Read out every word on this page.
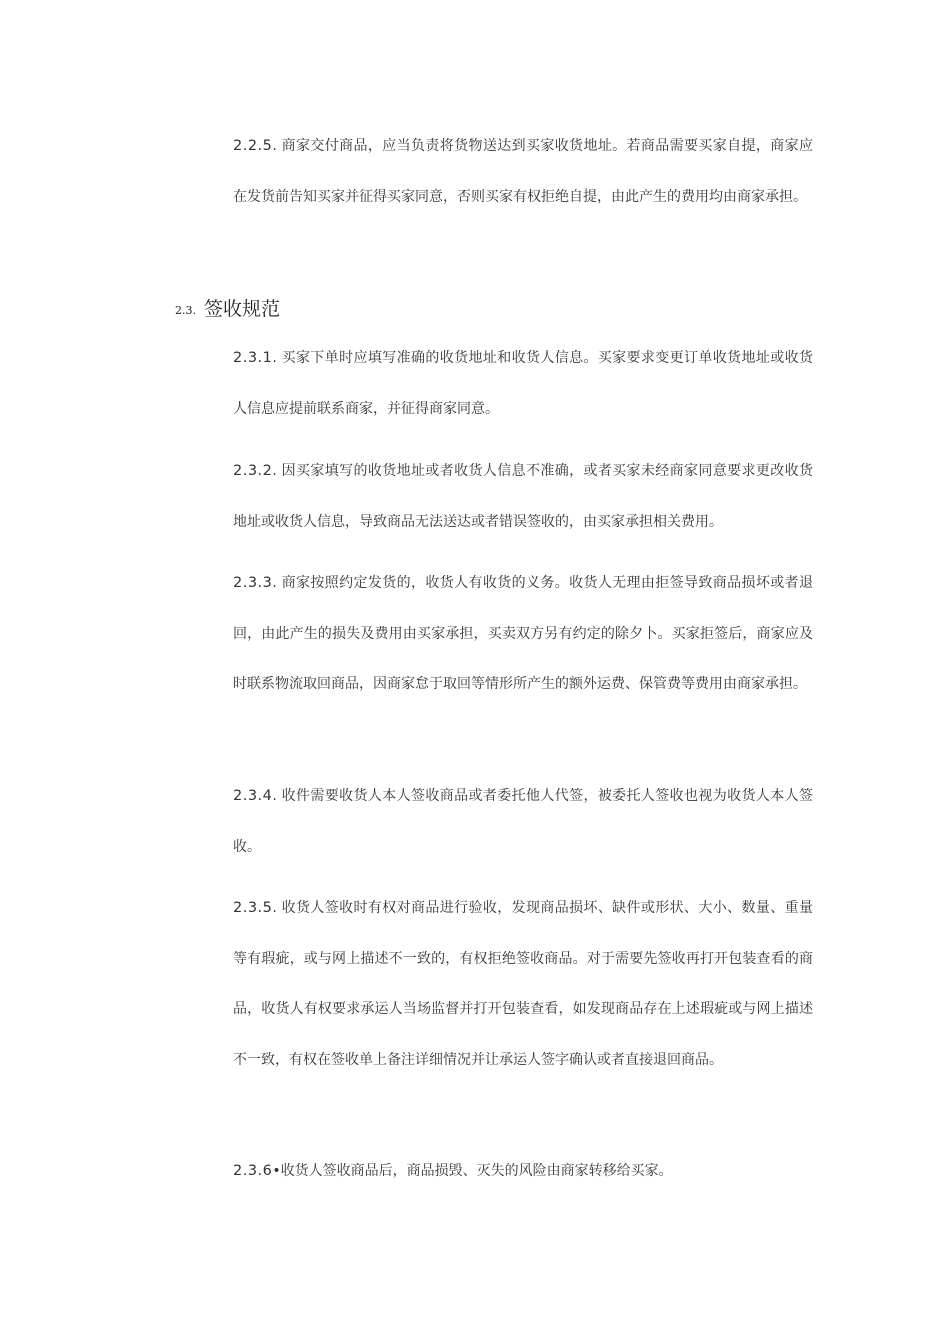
2.2.5. 商家交付商品，应当负责将货物送达到买家收货地址。若商品需要买家自提，商家应在发货前告知买家并征得买家同意，否则买家有权拒绝自提，由此产生的费用均由商家承担。

2.3. 签收规范

2.3.1. 买家下单时应填写准确的收货地址和收货人信息。买家要求变更订单收货地址或收货人信息应提前联系商家，并征得商家同意。

2.3.2. 因买家填写的收货地址或者收货人信息不准确，或者买家未经商家同意要求更改收货地址或收货人信息，导致商品无法送达或者错误签收的，由买家承担相关费用。

2.3.3. 商家按照约定发货的，收货人有收货的义务。收货人无理由拒签导致商品损坏或者退回，由此产生的损失及费用由买家承担，买卖双方另有约定的除夕卜。买家拒签后，商家应及时联系物流取回商品，因商家怠于取回等情形所产生的额外运费、保管费等费用由商家承担。

2.3.4. 收件需要收货人本人签收商品或者委托他人代签，被委托人签收也视为收货人本人签收。

2.3.5. 收货人签收时有权对商品进行验收，发现商品损坏、缺件或形状、大小、数量、重量等有瑕疵，或与网上描述不一致的，有权拒绝签收商品。对于需要先签收再打开包装查看的商品，收货人有权要求承运人当场监督并打开包装查看，如发现商品存在上述瑕疵或与网上描述不一致，有权在签收单上备注详细情况并让承运人签字确认或者直接退回商品。

2.3.6•收货人签收商品后，商品损毁、灭失的风险由商家转移给买家。
